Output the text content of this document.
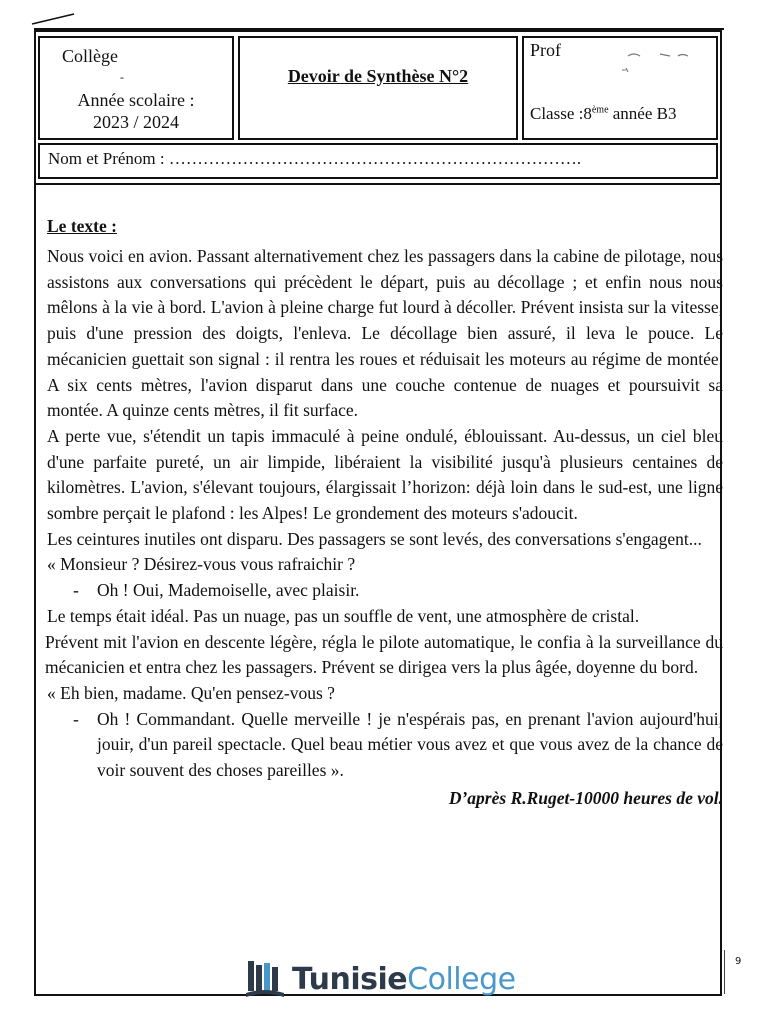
Collège
-
Année scolaire :
2023 / 2024
Devoir de Synthèse N°2
Prof
Classe :8ème année B3
Nom et Prénom : ……………………………………………………………….
Le texte :

Nous voici en avion. Passant alternativement chez les passagers dans la cabine de pilotage, nous assistons aux conversations qui précèdent le départ, puis au décollage ; et enfin nous nous mêlons à la vie à bord. L'avion à pleine charge fut lourd à décoller. Prévent insista sur la vitesse, puis d'une pression des doigts, l'enleva. Le décollage bien assuré, il leva le pouce. Le mécanicien guettait son signal : il rentra les roues et réduisait les moteurs au régime de montée. A six cents mètres, l'avion disparut dans une couche contenue de nuages et poursuivit sa montée. A quinze cents mètres, il fit surface.

A perte vue, s'étendit un tapis immaculé à peine ondulé, éblouissant. Au-dessus, un ciel bleu d'une parfaite pureté, un air limpide, libéraient la visibilité jusqu'à plusieurs centaines de kilomètres. L'avion, s'élevant toujours, élargissait l’horizon: déjà loin dans le sud-est, une ligne sombre perçait le plafond : les Alpes! Le grondement des moteurs s'adoucit.

Les ceintures inutiles ont disparu. Des passagers se sont levés, des conversations s'engagent...

« Monsieur ? Désirez-vous vous rafraichir ?

-	Oh ! Oui, Mademoiselle, avec plaisir.

Le temps était idéal. Pas un nuage, pas un souffle de vent, une atmosphère de cristal.

Prévent mit l'avion en descente légère, régla le pilote automatique, le confia à la surveillance du mécanicien et entra chez les passagers. Prévent se dirigea vers la plus âgée, doyenne du bord.

« Eh bien, madame. Qu'en pensez-vous ?

-	Oh ! Commandant. Quelle merveille ! je n'espérais pas, en prenant l'avion aujourd'hui, jouir, d'un pareil spectacle. Quel beau métier vous avez et que vous avez de la chance de voir souvent des choses pareilles ».
D’après R.Ruget-10000 heures de vol.
TunisieCollege	9
